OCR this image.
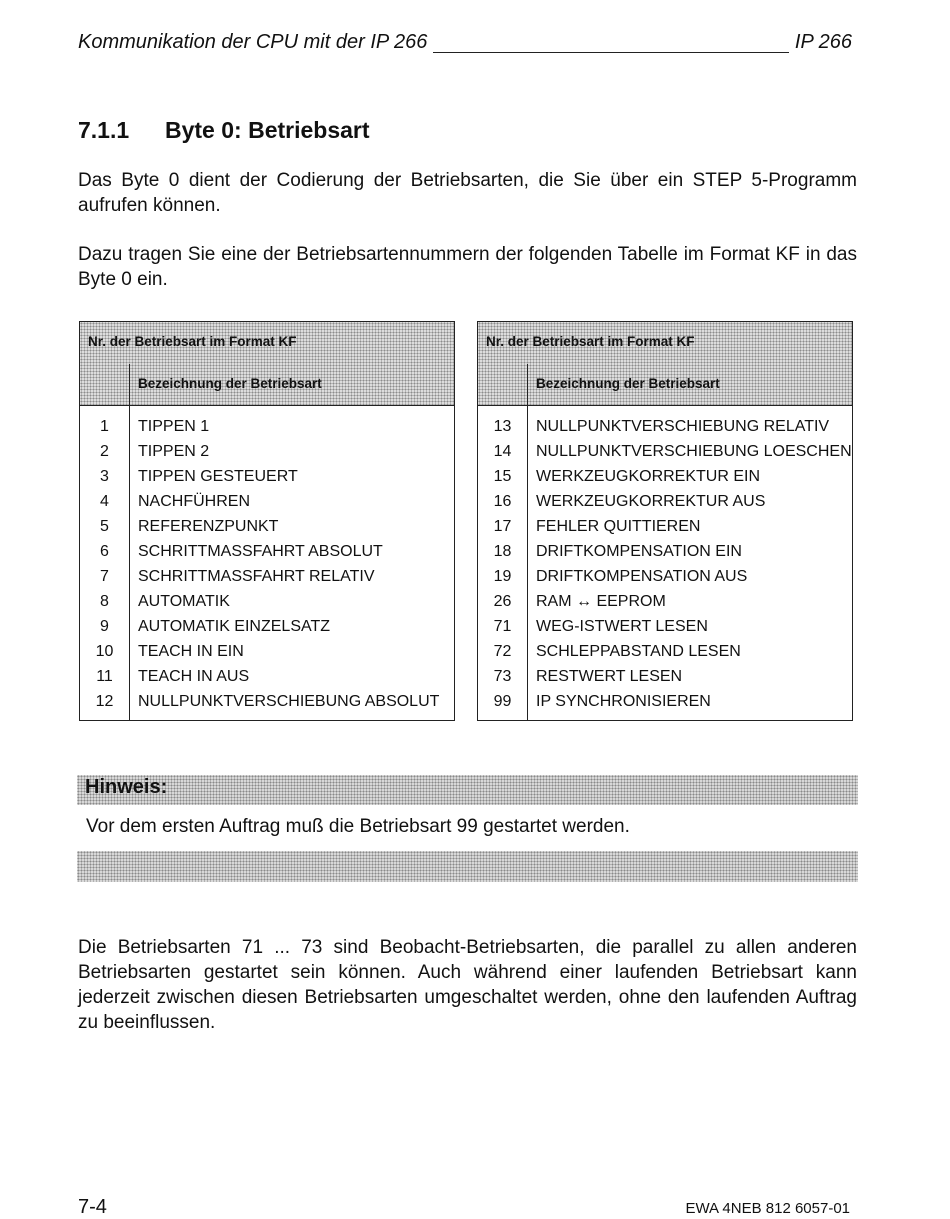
Kommunikation der CPU mit der IP 266	IP 266
7.1.1 Byte 0: Betriebsart

Das Byte 0 dient der Codierung der Betriebsarten, die Sie über ein STEP 5-Programm aufrufen können.

Dazu tragen Sie eine der Betriebsartennummern der folgenden Tabelle im Format KF in das Byte 0 ein.

Nr. der Betriebsart im Format KF
Bezeichnung der Betriebsart
1	TIPPEN 1
2	TIPPEN 2
3	TIPPEN GESTEUERT
4	NACHFÜHREN
5	REFERENZPUNKT
6	SCHRITTMASSFAHRT ABSOLUT
7	SCHRITTMASSFAHRT RELATIV
8	AUTOMATIK
9	AUTOMATIK EINZELSATZ
10	TEACH IN EIN
11	TEACH IN AUS
12	NULLPUNKTVERSCHIEBUNG ABSOLUT
Nr. der Betriebsart im Format KF
Bezeichnung der Betriebsart
13	NULLPUNKTVERSCHIEBUNG RELATIV
14	NULLPUNKTVERSCHIEBUNG LOESCHEN
15	WERKZEUGKORREKTUR EIN
16	WERKZEUGKORREKTUR AUS
17	FEHLER QUITTIEREN
18	DRIFTKOMPENSATION EIN
19	DRIFTKOMPENSATION AUS
26	RAM ↔ EEPROM
71	WEG-ISTWERT LESEN
72	SCHLEPPABSTAND LESEN
73	RESTWERT LESEN
99	IP SYNCHRONISIEREN
Hinweis:
Vor dem ersten Auftrag muß die Betriebsart 99 gestartet werden.

Die Betriebsarten 71 ... 73 sind Beobacht-Betriebsarten, die parallel zu allen anderen Betriebsarten gestartet sein können. Auch während einer laufenden Betriebsart kann jederzeit zwischen diesen Betriebsarten umgeschaltet werden, ohne den laufenden Auftrag zu beeinflussen.

7-4	EWA 4NEB 812 6057-01
